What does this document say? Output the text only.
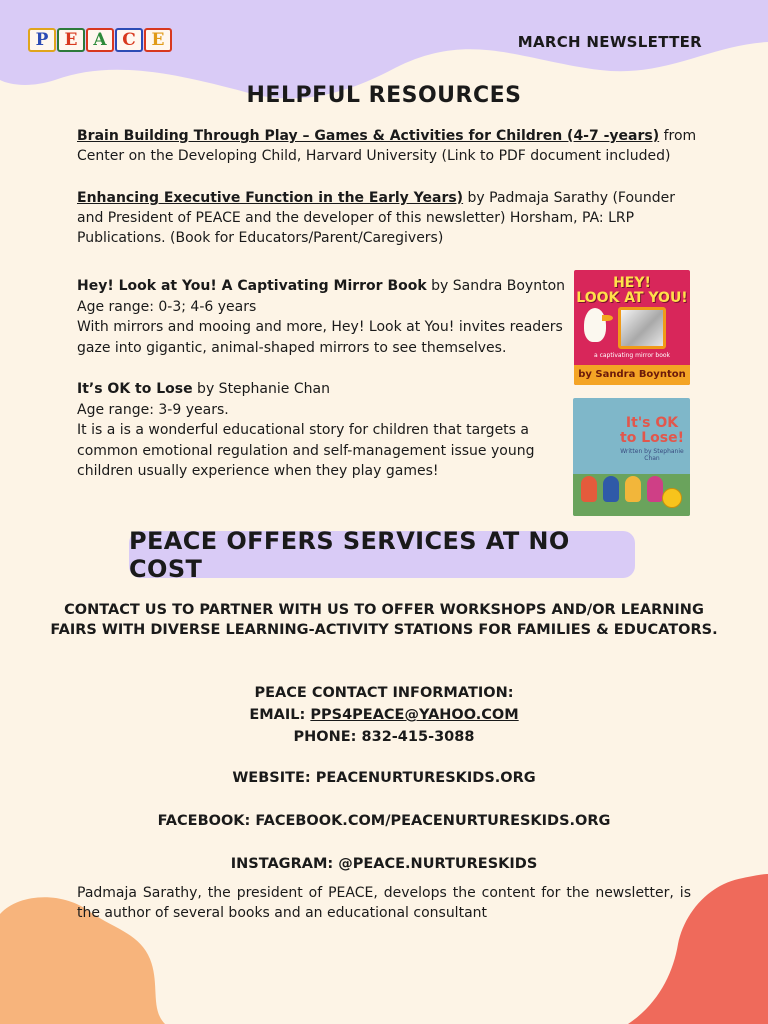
P E A C E	MARCH NEWSLETTER
HELPFUL RESOURCES
Brain Building Through Play – Games & Activities for Children (4-7 -years) from Center on the Developing Child, Harvard University (Link to PDF document included)
Enhancing Executive Function in the Early Years) by Padmaja Sarathy (Founder and President of PEACE and the developer of this newsletter) Horsham, PA: LRP Publications. (Book for Educators/Parent/Caregivers)
Hey! Look at You! A Captivating Mirror Book by Sandra Boynton
Age range: 0-3; 4-6 years
With mirrors and mooing and more, Hey! Look at You! invites readers gaze into gigantic, animal-shaped mirrors to see themselves.
HEY!
LOOK AT YOU!
a captivating mirror book
by Sandra Boynton
It’s OK to Lose by Stephanie Chan
Age range: 3-9 years.
It is a is a wonderful educational story for children that targets a common emotional regulation and self-management issue young children usually experience when they play games!
It's OK
to Lose!
Written by Stephanie Chan
PEACE OFFERS SERVICES AT NO COST
CONTACT US TO PARTNER WITH US TO OFFER WORKSHOPS AND/OR LEARNING FAIRS WITH DIVERSE LEARNING-ACTIVITY STATIONS FOR FAMILIES & EDUCATORS.
PEACE CONTACT INFORMATION:
EMAIL: PPS4PEACE@YAHOO.COM
PHONE: 832-415-3088
WEBSITE: PEACENURTURESKIDS.ORG
FACEBOOK: FACEBOOK.COM/PEACENURTURESKIDS.ORG
INSTAGRAM: @PEACE.NURTURESKIDS
Padmaja Sarathy, the president of PEACE, develops the content for the newsletter, is the author of several books and an educational consultant
